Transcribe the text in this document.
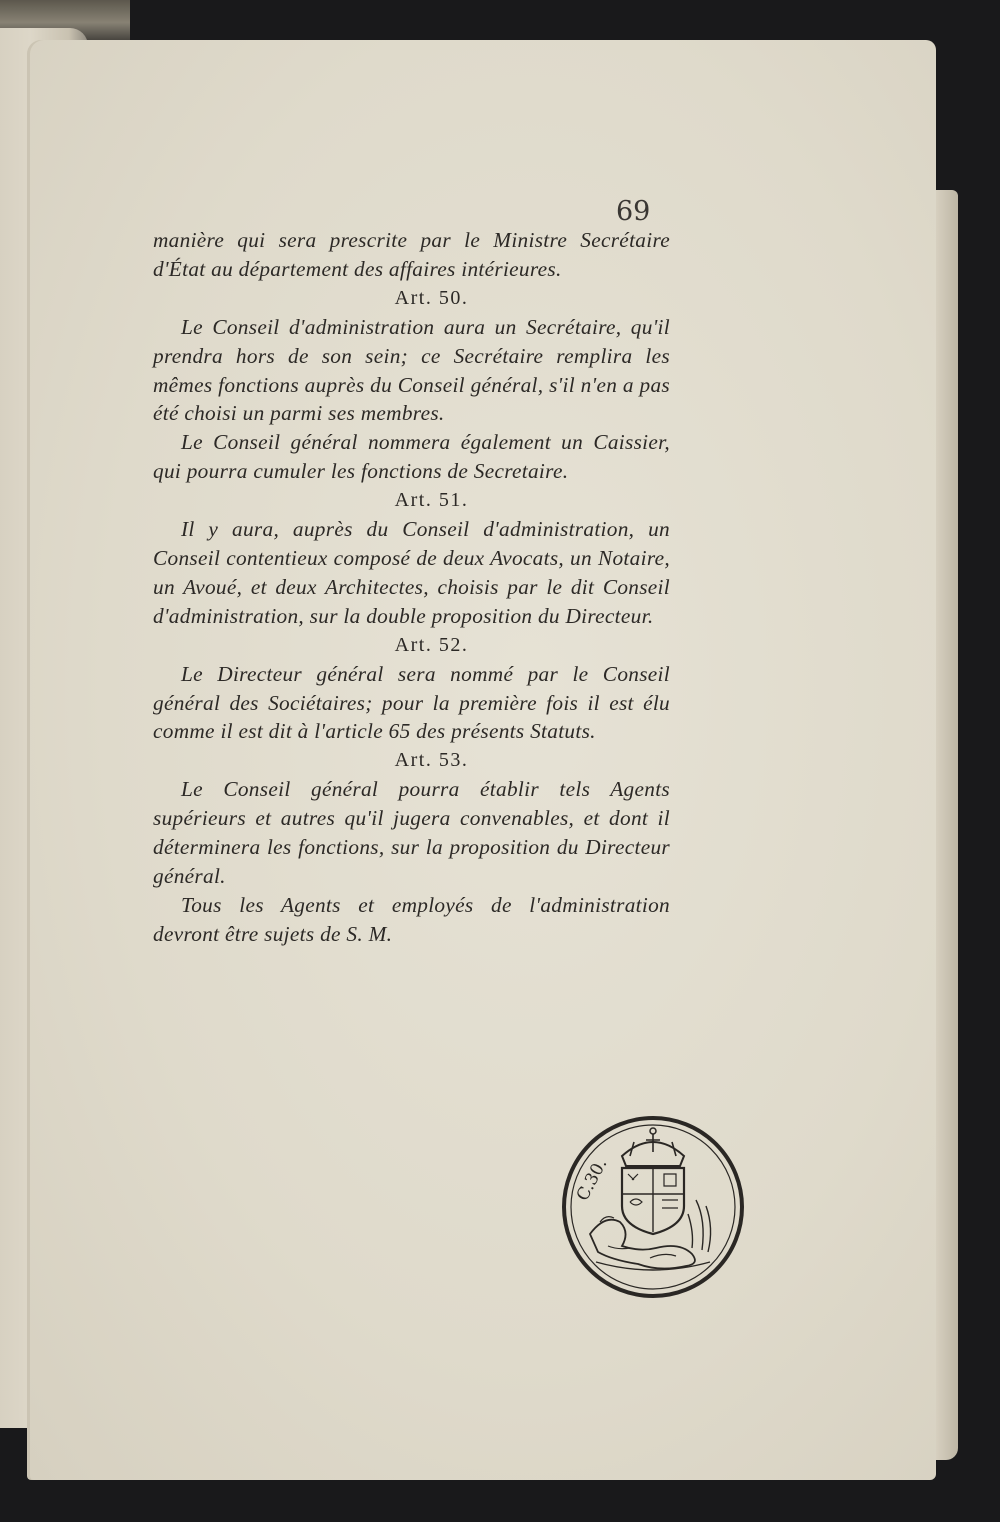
69

manière qui sera prescrite par le Ministre Secrétaire d'État au département des affaires intérieures.

Art. 50.

Le Conseil d'administration aura un Secrétaire, qu'il prendra hors de son sein; ce Secrétaire remplira les mêmes fonctions auprès du Conseil général, s'il n'en a pas été choisi un parmi ses membres.

Le Conseil général nommera également un Caissier, qui pourra cumuler les fonctions de Secretaire.

Art. 51.

Il y aura, auprès du Conseil d'administration, un Conseil contentieux composé de deux Avocats, un Notaire, un Avoué, et deux Architectes, choisis par le dit Conseil d'administration, sur la double proposition du Directeur.

Art. 52.

Le Directeur général sera nommé par le Conseil général des Sociétaires; pour la première fois il est élu comme il est dit à l'article 65 des présents Statuts.

Art. 53.

Le Conseil général pourra établir tels Agents supérieurs et autres qu'il jugera convenables, et dont il déterminera les fonctions, sur la proposition du Directeur général.

Tous les Agents et employés de l'administration devront être sujets de S. M.

C.30.
